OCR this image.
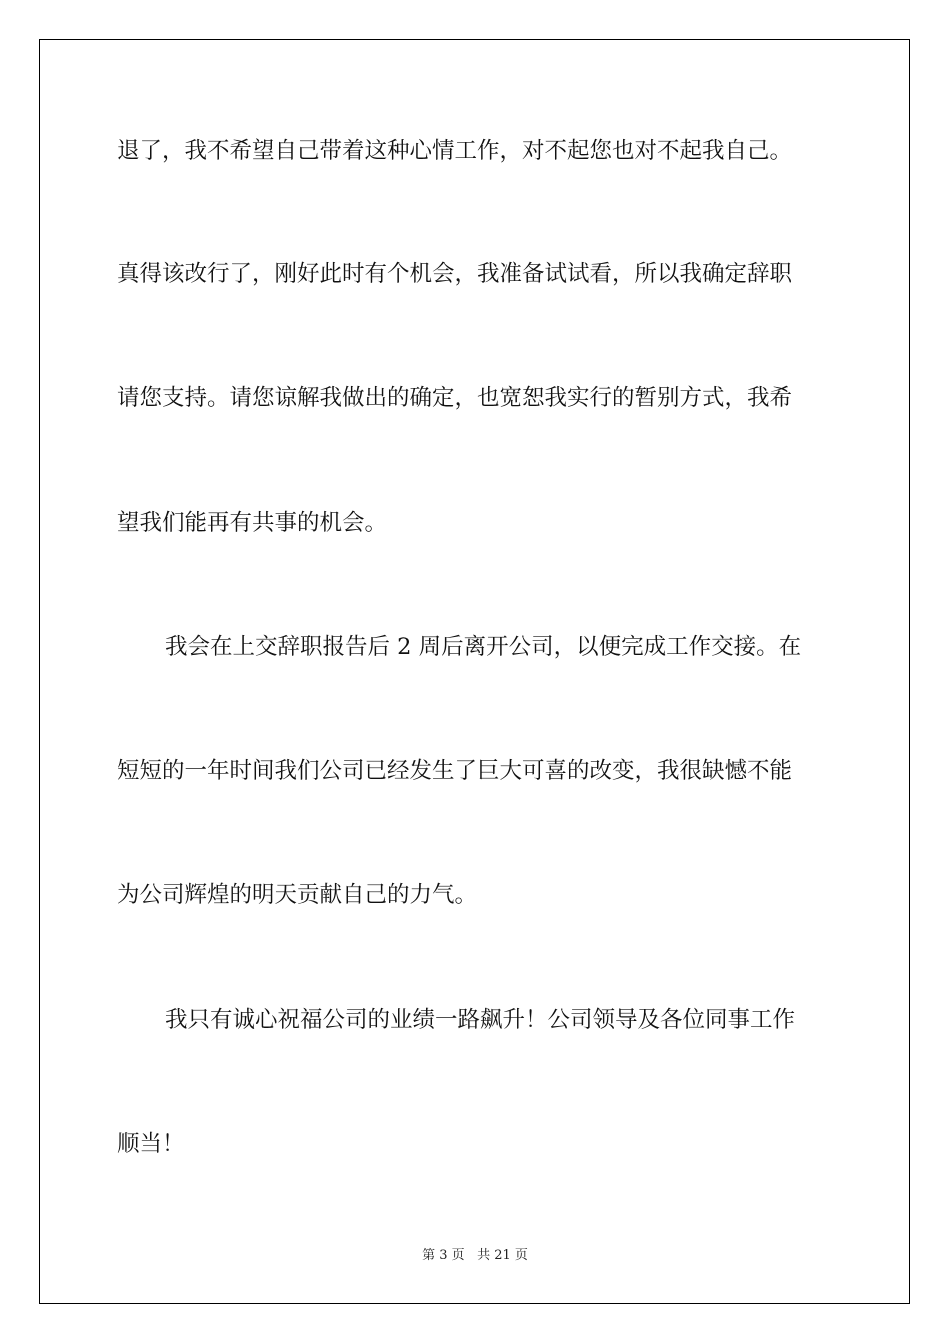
退了，我不希望自己带着这种心情工作，对不起您也对不起我自己。
真得该改行了，刚好此时有个机会，我准备试试看，所以我确定辞职
请您支持。请您谅解我做出的确定，也宽恕我实行的暂别方式，我希
望我们能再有共事的机会。
我会在上交辞职报告后 2 周后离开公司，以便完成工作交接。在
短短的一年时间我们公司已经发生了巨大可喜的改变，我很缺憾不能
为公司辉煌的明天贡献自己的力气。
我只有诚心祝福公司的业绩一路飙升！公司领导及各位同事工作
顺当！
第 3 页 共 21 页
